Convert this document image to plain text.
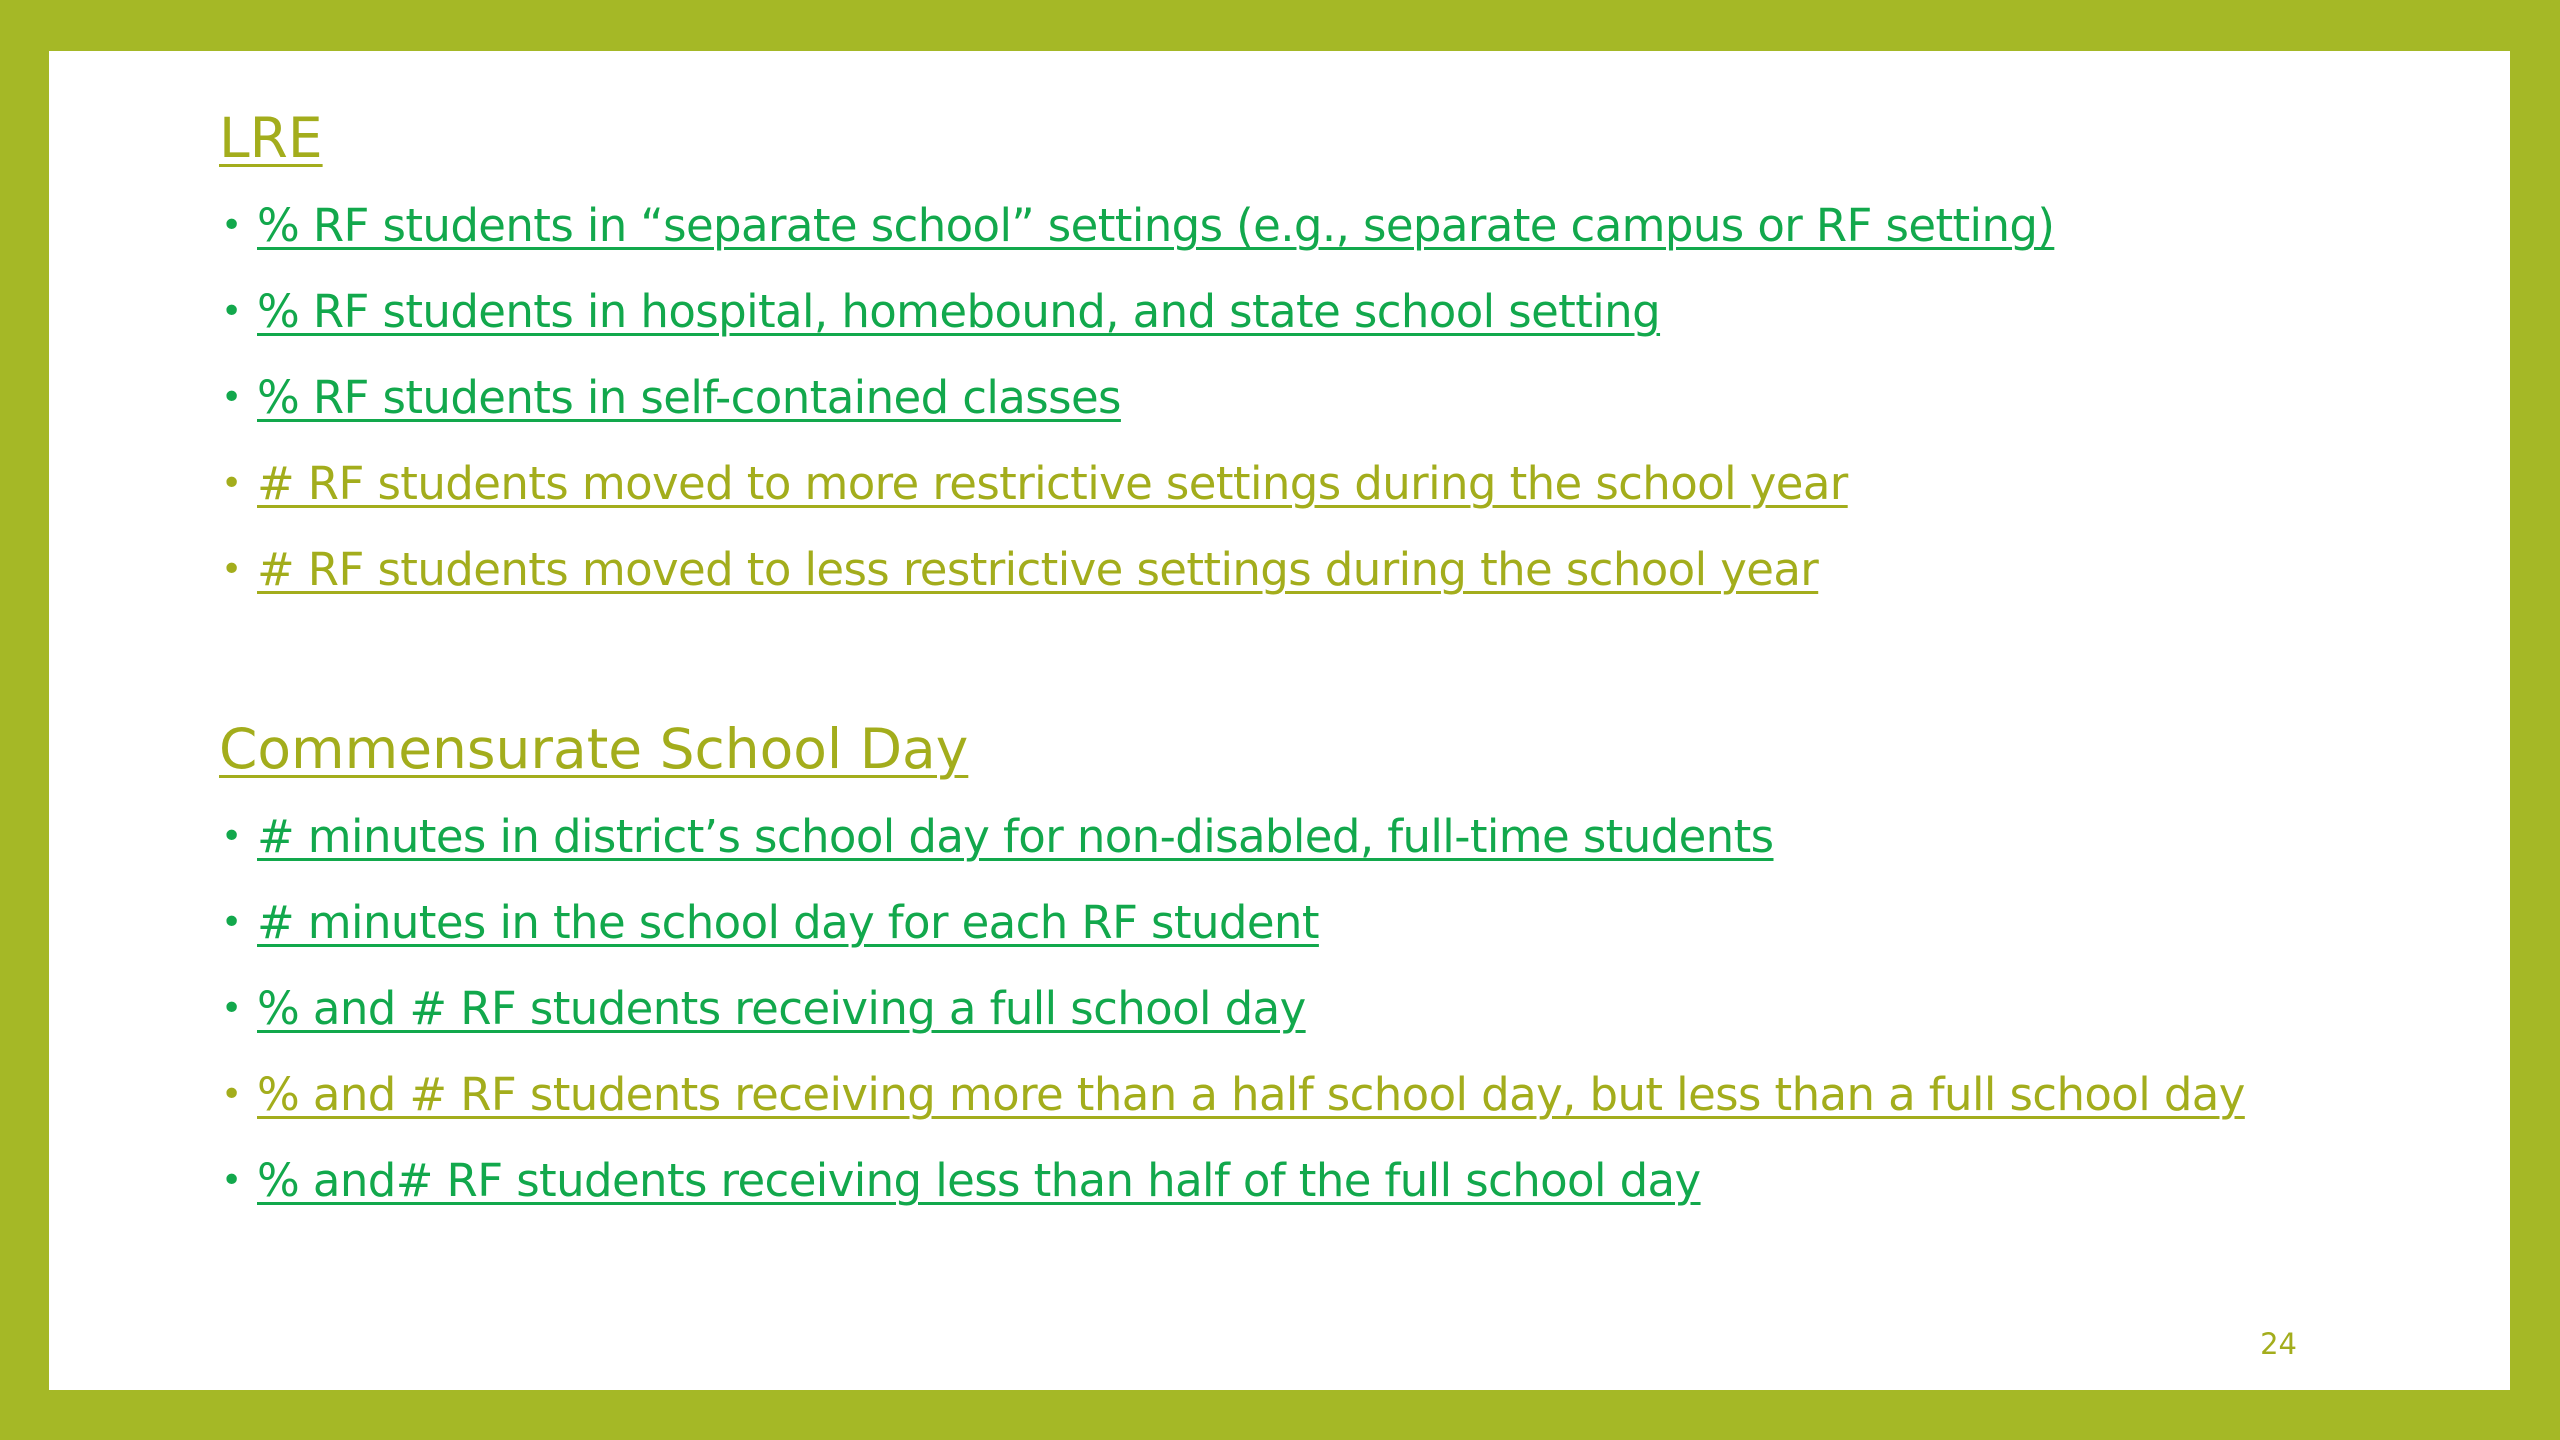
LRE
• % RF students in “separate school” settings (e.g., separate campus or RF setting)
• % RF students in hospital, homebound, and state school setting
• % RF students in self-contained classes
• # RF students moved to more restrictive settings during the school year
• # RF students moved to less restrictive settings during the school year
Commensurate School Day
• # minutes in district’s school day for non-disabled, full-time students
• # minutes in the school day for each RF student
• % and # RF students receiving a full school day
• % and # RF students receiving more than a half school day, but less than a full school day
• % and# RF students receiving less than half of the full school day
24
